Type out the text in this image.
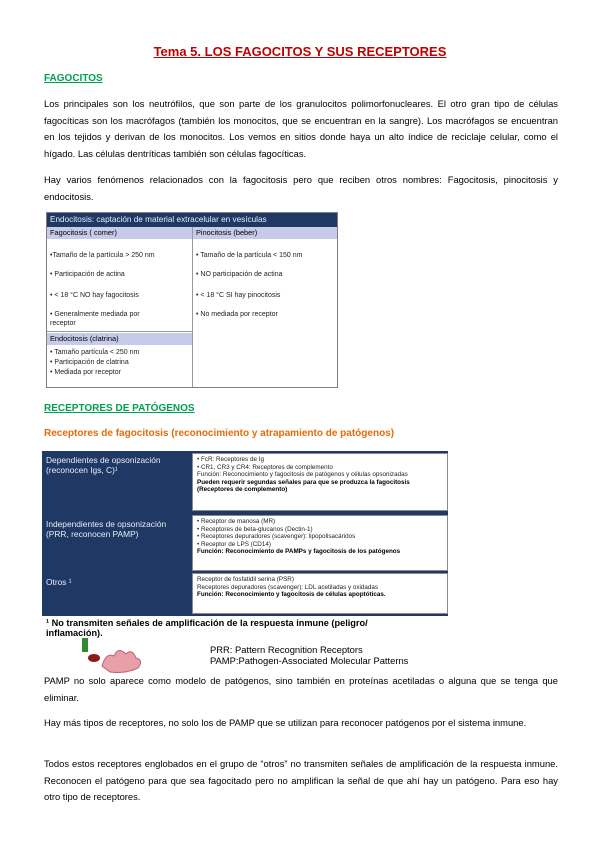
Tema 5. LOS FAGOCITOS Y SUS RECEPTORES
FAGOCITOS
Los principales son los neutrófilos, que son parte de los granulocitos polimorfonucleares. El otro gran tipo de células fagocíticas son los macrófagos (también los monocitos, que se encuentran en la sangre). Los macrófagos se encuentran en los tejidos y derivan de los monocitos. Los vemos en sitios donde haya un alto índice de reciclaje celular, como el hígado. Las células dentríticas también son células fagocíticas.
Hay varios fenómenos relacionados con la fagocitosis pero que reciben otros nombres: Fagocitosis, pinocitosis y endocitosis.
Endocitosis: captación de material extracelular en vesículas
Fagocitosis ( comer)	Pinocitosis (beber)
•Tamaño de la partícula > 250 nm
• Participación de actina
• < 18 °C NO hay fagocitosis
• Generalmente mediada por receptor
• Tamaño de la partícula < 150 nm
• NO participación de actina
• < 18 °C SI hay pinocitosis
• No mediada por receptor
Endocitosis (clatrina)
• Tamaño partícula < 250 nm
• Participación de clatrina
• Mediada por receptor
RECEPTORES DE PATÓGENOS
Receptores de fagocitosis (reconocimiento y atrapamiento de patógenos)
Dependientes de opsonización (reconocen Igs, C)¹
• FcR: Receptores de Ig
• CR1, CR3 y CR4: Receptores de complemento
Función: Reconocimiento y fagocitosis de patógenos y células opsonizadas
Pueden requerir segundas señales para que se produzca la fagocitosis (Receptores de complemento)
Independientes de opsonización (PRR, reconocen PAMP)
• Receptor de manosa (MR)
• Receptores de beta-glucanos (Dectin-1)
• Receptores depuradores (scavenger): lipopolisacáridos
• Receptor de LPS (CD14)
Función: Reconocimiento de PAMPs y fagocitosis de los patógenos
Otros ¹	Receptor de fosfatidil serina (PSR)
Receptores depuradores (scavenger): LDL acetiladas y oxidadas
Función: Reconocimiento y fagocitosis de células apoptóticas.
¹ No transmiten señales de amplificación de la respuesta inmune (peligro/ inflamación).
PRR: Pattern Recognition Receptors
PAMP:Pathogen-Associated Molecular Patterns
PAMP no solo aparece como modelo de patógenos, sino también en proteínas acetiladas o alguna que se tenga que eliminar.
Hay más tipos de receptores, no solo los de PAMP que se utilizan para reconocer patógenos por el sistema inmune.
Todos estos receptores englobados en el grupo de “otros” no transmiten señales de amplificación de la respuesta inmune. Reconocen el patógeno para que sea fagocitado pero no amplifican la señal de que ahí hay un patógeno. Para eso hay otro tipo de receptores.
